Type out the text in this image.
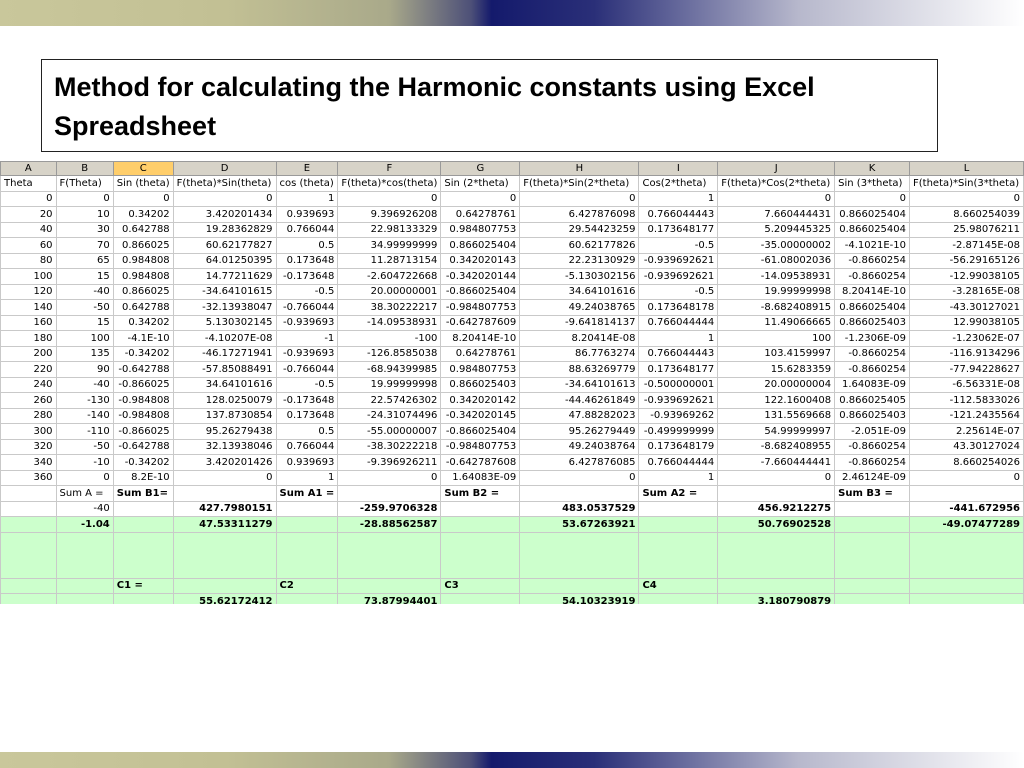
Method for calculating the Harmonic constants using Excel Spreadsheet
A	B	C	D	E	F	G	H	I	J	K	L
Theta	F(Theta)	Sin (theta)	F(theta)*Sin(theta)	cos (theta)	F(theta)*cos(theta)	Sin (2*theta)	F(theta)*Sin(2*theta)	Cos(2*theta)	F(theta)*Cos(2*theta)	Sin (3*theta)	F(theta)*Sin(3*theta)
0	0	0	0	1	0	0	0	1	0	0	0
20	10	0.34202	3.420201434	0.939693	9.396926208	0.64278761	6.427876098	0.766044443	7.660444431	0.866025404	8.660254039
40	30	0.642788	19.28362829	0.766044	22.98133329	0.984807753	29.54423259	0.173648177	5.209445325	0.866025404	25.98076211
60	70	0.866025	60.62177827	0.5	34.99999999	0.866025404	60.62177826	-0.5	-35.00000002	-4.1021E-10	-2.87145E-08
80	65	0.984808	64.01250395	0.173648	11.28713154	0.342020143	22.23130929	-0.939692621	-61.08002036	-0.8660254	-56.29165126
100	15	0.984808	14.77211629	-0.173648	-2.604722668	-0.342020144	-5.130302156	-0.939692621	-14.09538931	-0.8660254	-12.99038105
120	-40	0.866025	-34.64101615	-0.5	20.00000001	-0.866025404	34.64101616	-0.5	19.99999998	8.20414E-10	-3.28165E-08
140	-50	0.642788	-32.13938047	-0.766044	38.30222217	-0.984807753	49.24038765	0.173648178	-8.682408915	0.866025404	-43.30127021
160	15	0.34202	5.130302145	-0.939693	-14.09538931	-0.642787609	-9.641814137	0.766044444	11.49066665	0.866025403	12.99038105
180	100	-4.1E-10	-4.10207E-08	-1	-100	8.20414E-10	8.20414E-08	1	100	-1.2306E-09	-1.23062E-07
200	135	-0.34202	-46.17271941	-0.939693	-126.8585038	0.64278761	86.7763274	0.766044443	103.4159997	-0.8660254	-116.9134296
220	90	-0.642788	-57.85088491	-0.766044	-68.94399985	0.984807753	88.63269779	0.173648177	15.6283359	-0.8660254	-77.94228627
240	-40	-0.866025	34.64101616	-0.5	19.99999998	0.866025403	-34.64101613	-0.500000001	20.00000004	1.64083E-09	-6.56331E-08
260	-130	-0.984808	128.0250079	-0.173648	22.57426302	0.342020142	-44.46261849	-0.939692621	122.1600408	0.866025405	-112.5833026
280	-140	-0.984808	137.8730854	0.173648	-24.31074496	-0.342020145	47.88282023	-0.93969262	131.5569668	0.866025403	-121.2435564
300	-110	-0.866025	95.26279438	0.5	-55.00000007	-0.866025404	95.26279449	-0.499999999	54.99999997	-2.051E-09	2.25614E-07
320	-50	-0.642788	32.13938046	0.766044	-38.30222218	-0.984807753	49.24038764	0.173648179	-8.682408955	-0.8660254	43.30127024
340	-10	-0.34202	3.420201426	0.939693	-9.396926211	-0.642787608	6.427876085	0.766044444	-7.660444441	-0.8660254	8.660254026
360	0	8.2E-10	0	1	0	1.64083E-09	0	1	0	2.46124E-09	0
	Sum A =	Sum B1=		Sum A1 =		Sum B2 =		Sum A2 =		Sum B3 =	
	-40		427.7980151		-259.9706328		483.0537529		456.9212275		-441.672956
	-1.04		47.53311279		-28.88562587		53.67263921		50.76902528		-49.07477289

		C1 =		C2		C3		C4			
			55.62172412		73.87994401		54.10323919		3.180790879		
